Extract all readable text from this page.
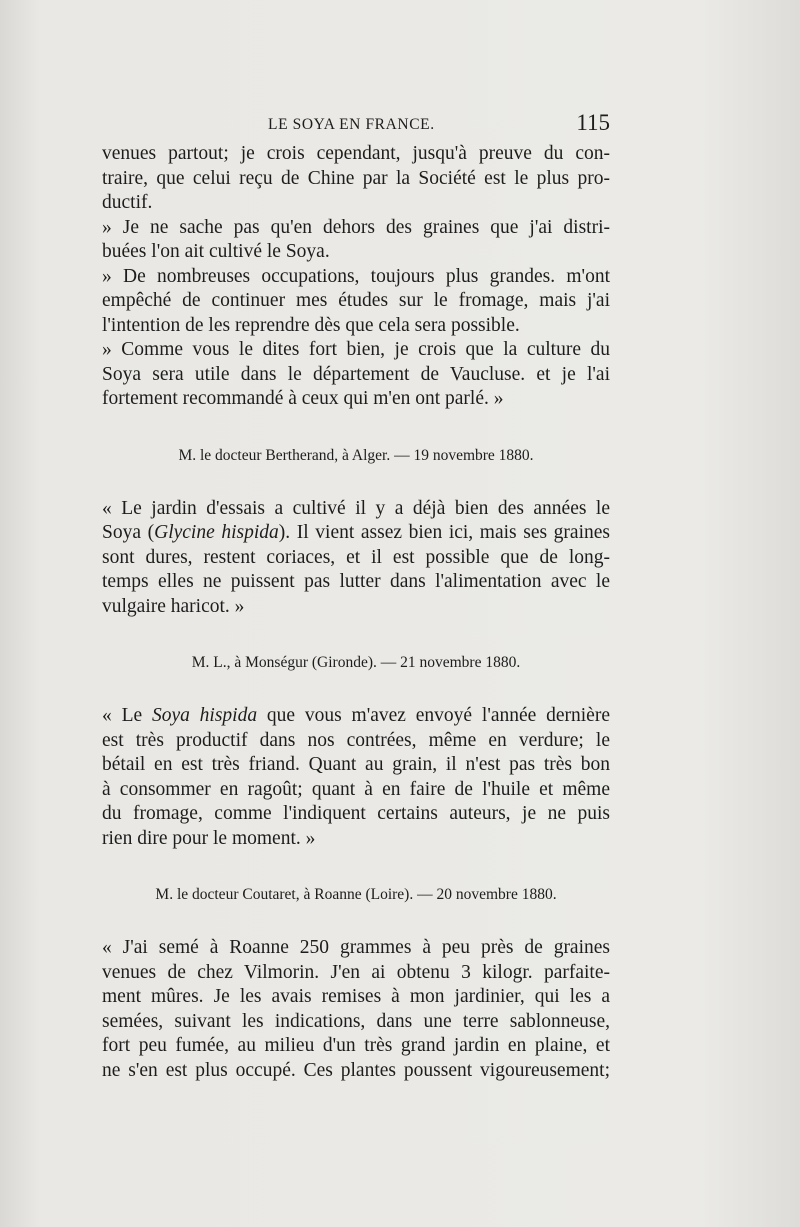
LE SOYA EN FRANCE.	115
venues partout; je crois cependant, jusqu'à preuve du con-
traire, que celui reçu de Chine par la Société est le plus pro-
ductif.
» Je ne sache pas qu'en dehors des graines que j'ai distri-
buées l'on ait cultivé le Soya.
» De nombreuses occupations, toujours plus grandes. m'ont
empêché de continuer mes études sur le fromage, mais j'ai
l'intention de les reprendre dès que cela sera possible.
» Comme vous le dites fort bien, je crois que la culture du
Soya sera utile dans le département de Vaucluse. et je l'ai
fortement recommandé à ceux qui m'en ont parlé. »
M. le docteur Bertherand, à Alger. — 19 novembre 1880.
« Le jardin d'essais a cultivé il y a déjà bien des années le
Soya (Glycine hispida). Il vient assez bien ici, mais ses graines
sont dures, restent coriaces, et il est possible que de long-
temps elles ne puissent pas lutter dans l'alimentation avec le
vulgaire haricot. »
M. L., à Monségur (Gironde). — 21 novembre 1880.
« Le Soya hispida que vous m'avez envoyé l'année dernière
est très productif dans nos contrées, même en verdure; le
bétail en est très friand. Quant au grain, il n'est pas très bon
à consommer en ragoût; quant à en faire de l'huile et même
du fromage, comme l'indiquent certains auteurs, je ne puis
rien dire pour le moment. »
M. le docteur Coutaret, à Roanne (Loire). — 20 novembre 1880.
« J'ai semé à Roanne 250 grammes à peu près de graines
venues de chez Vilmorin. J'en ai obtenu 3 kilogr. parfaite-
ment mûres. Je les avais remises à mon jardinier, qui les a
semées, suivant les indications, dans une terre sablonneuse,
fort peu fumée, au milieu d'un très grand jardin en plaine, et
ne s'en est plus occupé. Ces plantes poussent vigoureusement;
